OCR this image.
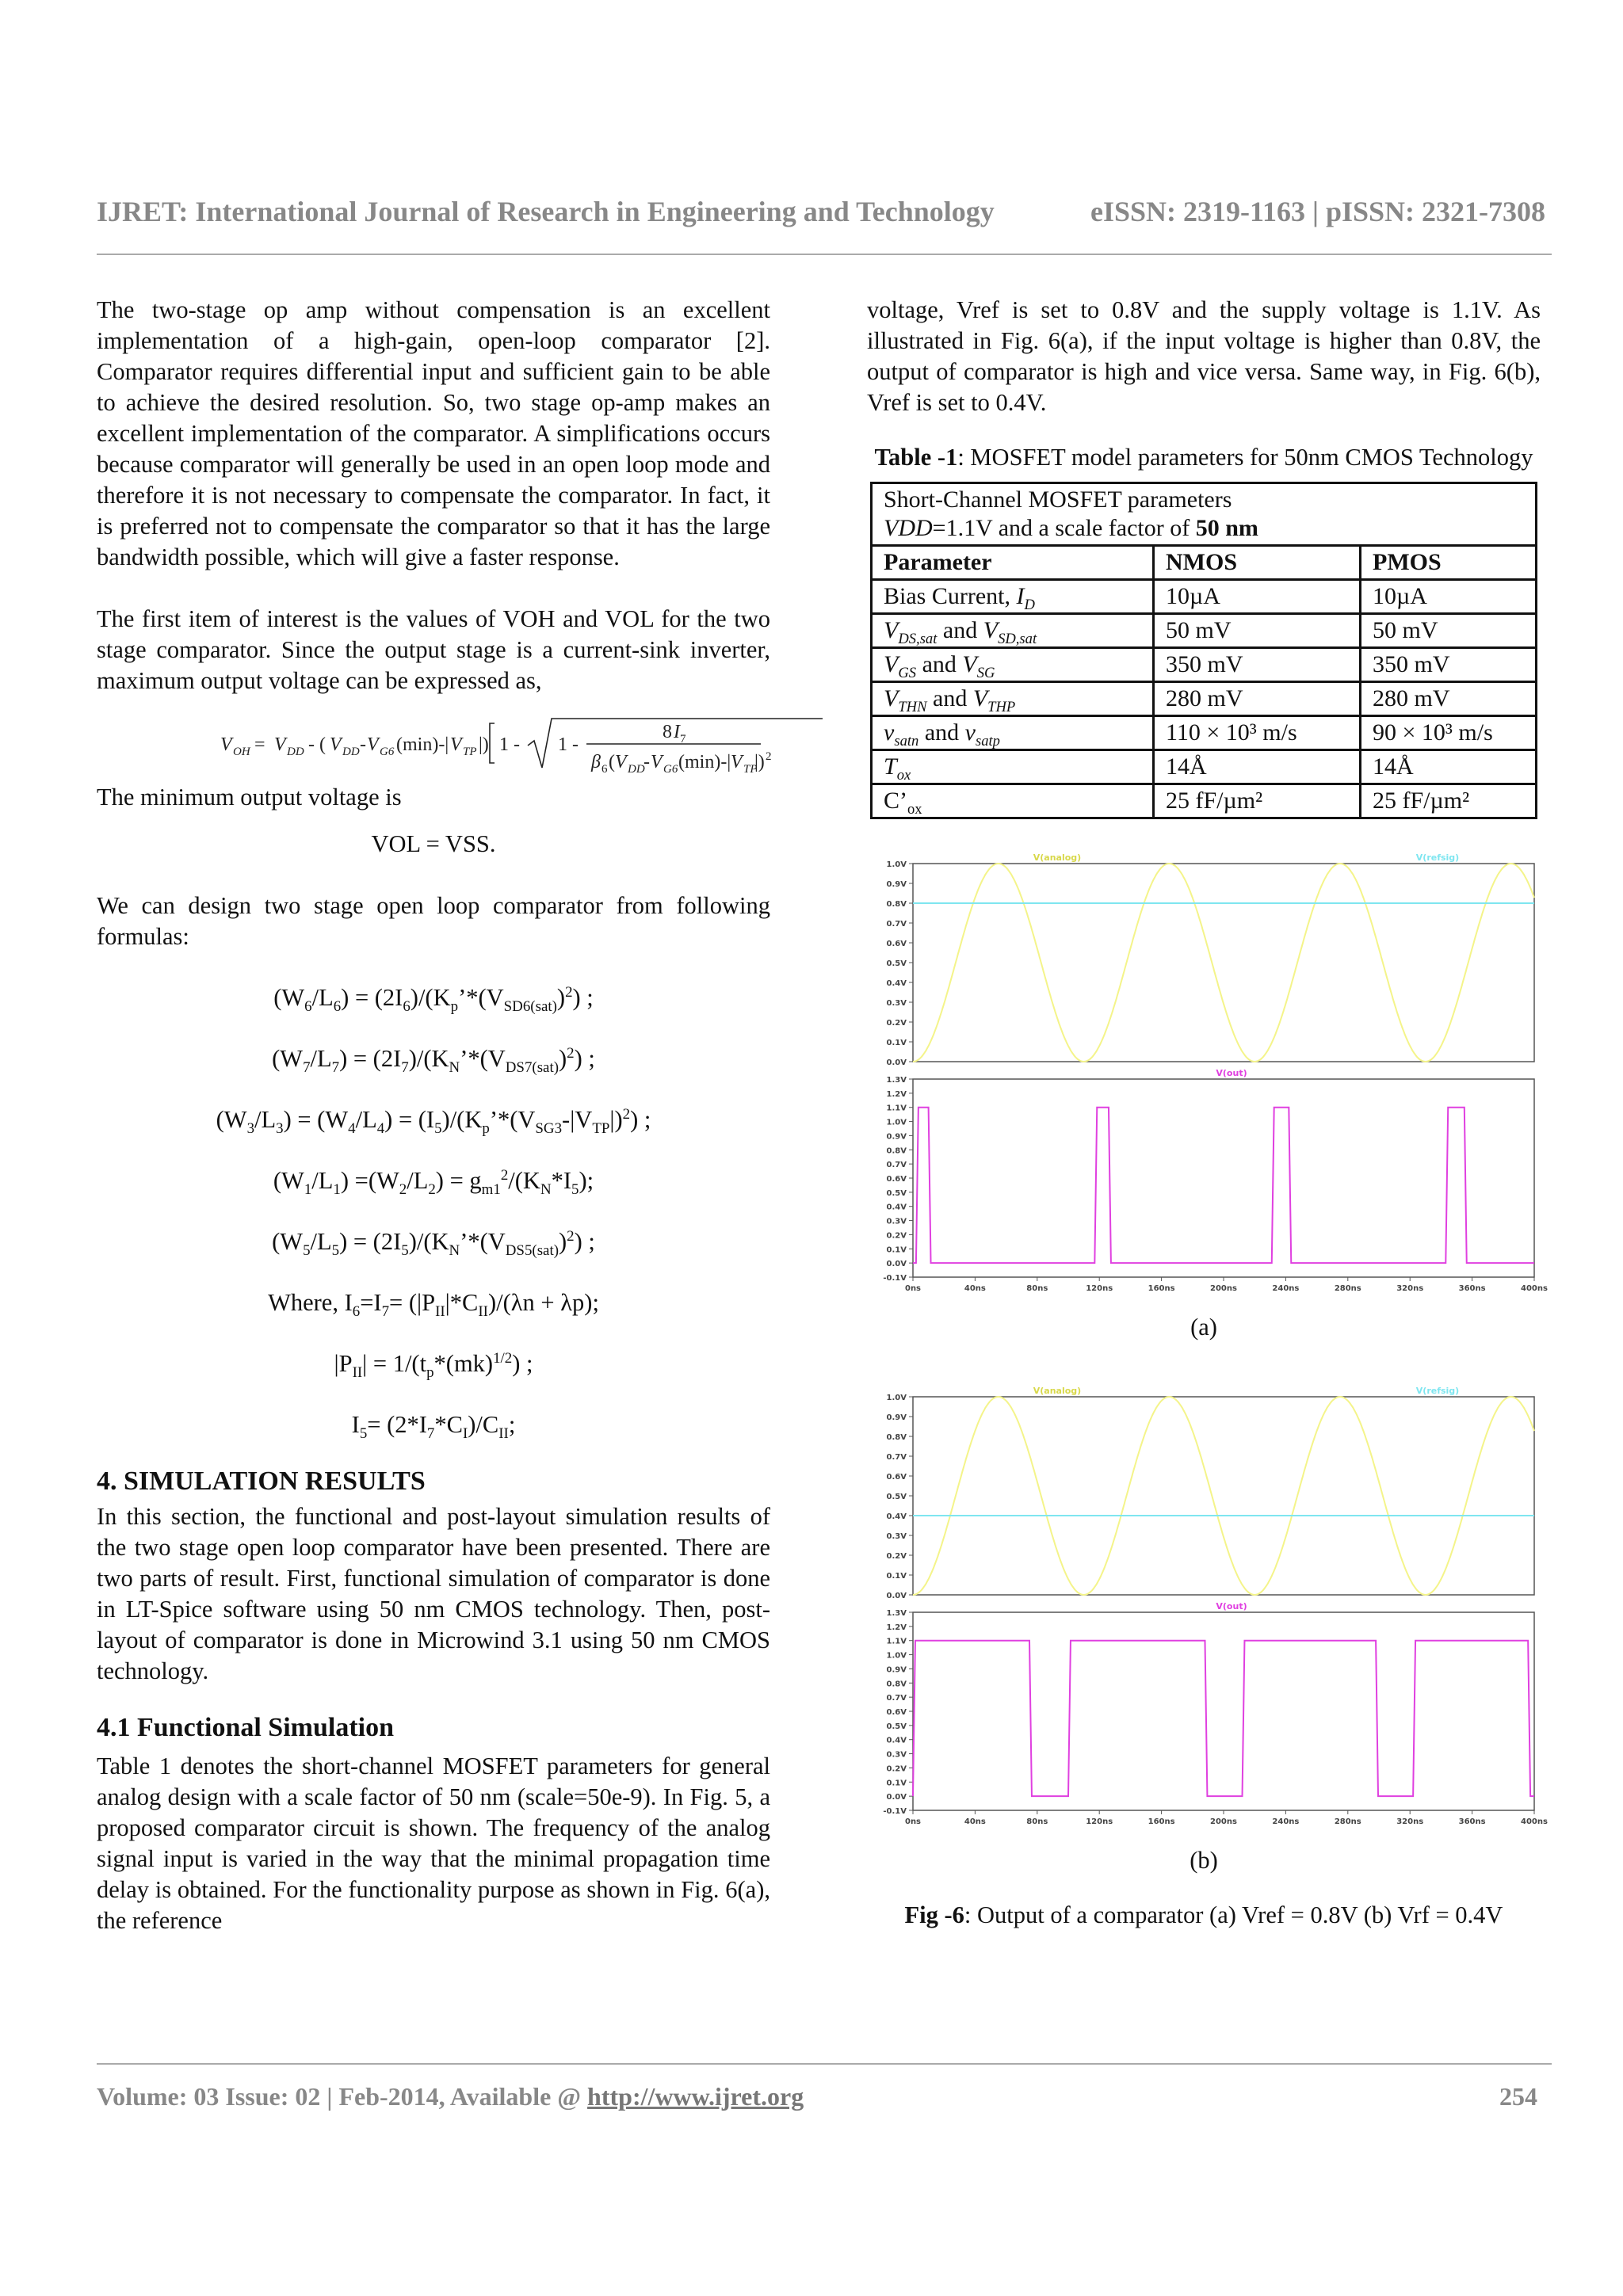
IJRET: International Journal of Research in Engineering and Technology	eISSN: 2319-1163 | pISSN: 2321-7308

The two-stage op amp without compensation is an excellent implementation of a high-gain, open-loop comparator [2]. Comparator requires differential input and sufficient gain to be able to achieve the desired resolution. So, two stage op-amp makes an excellent implementation of the comparator. A simplifications occurs because comparator will generally be used in an open loop mode and therefore it is not necessary to compensate the comparator. In fact, it is preferred not to compensate the comparator so that it has the large bandwidth possible, which will give a faster response.

The first item of interest is the values of VOH and VOL for the two stage comparator. Since the output stage is a current-sink inverter, maximum output voltage can be expressed as,

V OH = V DD - ( V DD - V G6 (min)-| V TP |) 1 - 1 -
8 I 7
β 6 ( V DD
- V G6 (min)-| V TP
|) 2

The minimum output voltage is

VOL = VSS.

We can design two stage open loop comparator from following formulas:

$(W_6/L_6)$ = $(2I_6)/(K_p’*(V_{SD6(sat)})^2)$ ;

$(W_7/L_7)$ = $(2I_7)/(K_N’*(V_{DS7(sat)})^2)$ ;

$(W_3/L_3) = (W_4/L_4)$ = $(I_5)/(K_p’*(V_{SG3}-|V_{TP}|)^2)$ ;

$(W_1/L_1) =(W_2/L_2) = g_{m1}^2/(K_N*I_5)$;

$(W_5/L_5)$ = $(2I_5)/(K_N’*(V_{DS5(sat)})^2)$ ;

Where, $I_6=I_7= (|P_{II}|*C_{II})/(\lambda n + \lambda p)$;

$|P_{II}| = 1/(t_p*(mk)^{1/2})$ ;

$I_5= (2*I_7*C_I)/C_{II}$;

4. SIMULATION RESULTS

In this section, the functional and post-layout simulation results of the two stage open loop comparator have been presented. There are two parts of result. First, functional simulation of comparator is done in LT-Spice software using 50 nm CMOS technology. Then, post-layout of comparator is done in Microwind 3.1 using 50 nm CMOS technology.

4.1 Functional Simulation

Table 1 denotes the short-channel MOSFET parameters for general analog design with a scale factor of 50 nm (scale=50e-9). In Fig. 5, a proposed comparator circuit is shown. The frequency of the analog signal input is varied in the way that the minimal propagation time delay is obtained. For the functionality purpose as shown in Fig. 6(a), the reference

voltage, Vref is set to 0.8V and the supply voltage is 1.1V. As illustrated in Fig. 6(a), if the input voltage is higher than 0.8V, the output of comparator is high and vice versa. Same way, in Fig. 6(b), Vref is set to 0.4V.

Table -1: MOSFET model parameters for 50nm CMOS Technology
Short-Channel MOSFET parameters
VDD=1.1V and a scale factor of 50 nm		

Parameter	NMOS	PMOS
Bias Current, $I_D$	10µA	10µA
$V_{DS,sat}$ and $V_{SD,sat}$	50 mV	50 mV
$V_{GS}$ and $V_{SG}$	350 mV	350 mV
$V_{THN}$ and $V_{THP}$	280 mV	280 mV
$v_{satn}$ and $v_{satp}$	110 × 10³ m/s	90 × 10³ m/s
$T_{ox}$	14Å	14Å
$C’_{ox}$	25 fF/µm²	25 fF/µm²
1.0V
0.9V
0.8V
0.7V
0.6V
0.5V
0.4V
0.3V
0.2V
0.1V
0.0V
V(analog)	V(refsig)
1.3V
1.2V
1.1V
1.0V
0.9V
0.8V
0.7V
0.6V
0.5V
0.4V
0.3V
0.2V
0.1V
0.0V
-0.1V
0ns	40ns	80ns	120ns	160ns	200ns	240ns	280ns	320ns	360ns	400ns
V(out)

(a)

1.0V
0.9V
0.8V
0.7V
0.6V
0.5V
0.4V
0.3V
0.2V
0.1V
0.0V
V(analog)	V(refsig)
1.3V
1.2V
1.1V
1.0V
0.9V
0.8V
0.7V
0.6V
0.5V
0.4V
0.3V
0.2V
0.1V
0.0V
-0.1V
0ns	40ns	80ns	120ns	160ns	200ns	240ns	280ns	320ns	360ns	400ns
V(out)

(b)

Fig -6: Output of a comparator (a) Vref = 0.8V (b) Vrf = 0.4V

Volume: 03 Issue: 02 | Feb-2014, Available @ http://www.ijret.org	254
